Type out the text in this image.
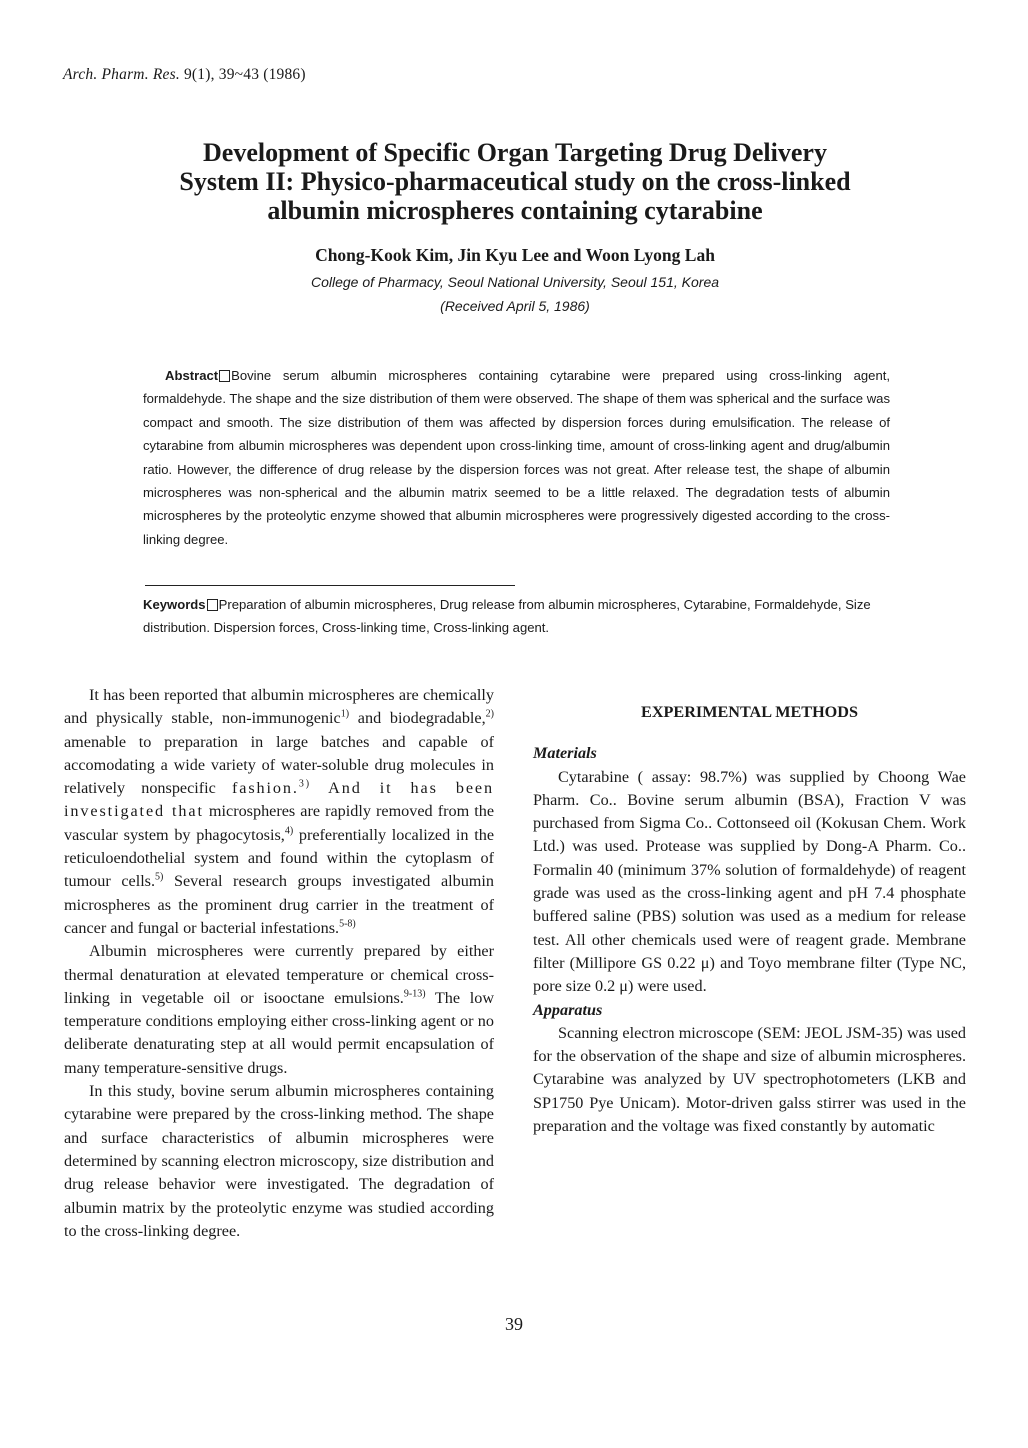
Arch. Pharm. Res. 9(1), 39~43 (1986)
Development of Specific Organ Targeting Drug Delivery
System II: Physico-pharmaceutical study on the cross-linked
albumin microspheres containing cytarabine
Chong-Kook Kim, Jin Kyu Lee and Woon Lyong Lah
College of Pharmacy, Seoul National University, Seoul 151, Korea
(Received April 5, 1986)

Abstract Bovine serum albumin microspheres containing cytarabine were prepared using cross-linking agent, formaldehyde. The shape and the size distribution of them were observed. The shape of them was spherical and the surface was compact and smooth. The size distribution of them was affected by dispersion forces during emulsification. The release of cytarabine from albumin microspheres was dependent upon cross-linking time, amount of cross-linking agent and drug/albumin ratio. However, the difference of drug release by the dispersion forces was not great. After release test, the shape of albumin microspheres was non-spherical and the albumin matrix seemed to be a little relaxed. The degradation tests of albumin microspheres by the proteolytic enzyme showed that albumin microspheres were progressively digested according to the cross-linking degree.

Keywords Preparation of albumin microspheres, Drug release from albumin microspheres, Cytarabine, Formaldehyde, Size distribution. Dispersion forces, Cross-linking time, Cross-linking agent.

It has been reported that albumin microspheres are chemically and physically stable, non-immunogenic$^{1)}$ and biodegradable,$^{2)}$ amenable to preparation in large batches and capable of accomodating a wide variety of water-soluble drug molecules in relatively nonspecific fashion.$^{3)}$ And it has been investigated that microspheres are rapidly removed from the vascular system by phagocytosis,$^{4)}$ preferentially localized in the reticuloendothelial system and found within the cytoplasm of tumour cells.$^{5)}$ Several research groups investigated albumin microspheres as the prominent drug carrier in the treatment of cancer and fungal or bacterial infestations.$^{5-8)}$

Albumin microspheres were currently prepared by either thermal denaturation at elevated temperature or chemical cross-linking in vegetable oil or isooctane emulsions.$^{9-13)}$ The low temperature conditions employing either cross-linking agent or no deliberate denaturating step at all would permit encapsulation of many temperature-sensitive drugs.

In this study, bovine serum albumin microspheres containing cytarabine were prepared by the cross-linking method. The shape and surface characteristics of albumin microspheres were determined by scanning electron microscopy, size distribution and drug release behavior were investigated. The degradation of albumin matrix by the proteolytic enzyme was studied according to the cross-linking degree.

EXPERIMENTAL METHODS
Materials

Cytarabine ( assay: 98.7%) was supplied by Choong Wae Pharm. Co.. Bovine serum albumin (BSA), Fraction V was purchased from Sigma Co.. Cottonseed oil (Kokusan Chem. Work Ltd.) was used. Protease was supplied by Dong-A Pharm. Co.. Formalin 40 (minimum 37% solution of formaldehyde) of reagent grade was used as the cross-linking agent and pH 7.4 phosphate buffered saline (PBS) solution was used as a medium for release test. All other chemicals used were of reagent grade. Membrane filter (Millipore GS 0.22 μ) and Toyo membrane filter (Type NC, pore size 0.2 μ) were used.

Apparatus

Scanning electron microscope (SEM: JEOL JSM-35) was used for the observation of the shape and size of albumin microspheres. Cytarabine was analyzed by UV spectrophotometers (LKB and SP1750 Pye Unicam). Motor-driven galss stirrer was used in the preparation and the voltage was fixed constantly by automatic

39
